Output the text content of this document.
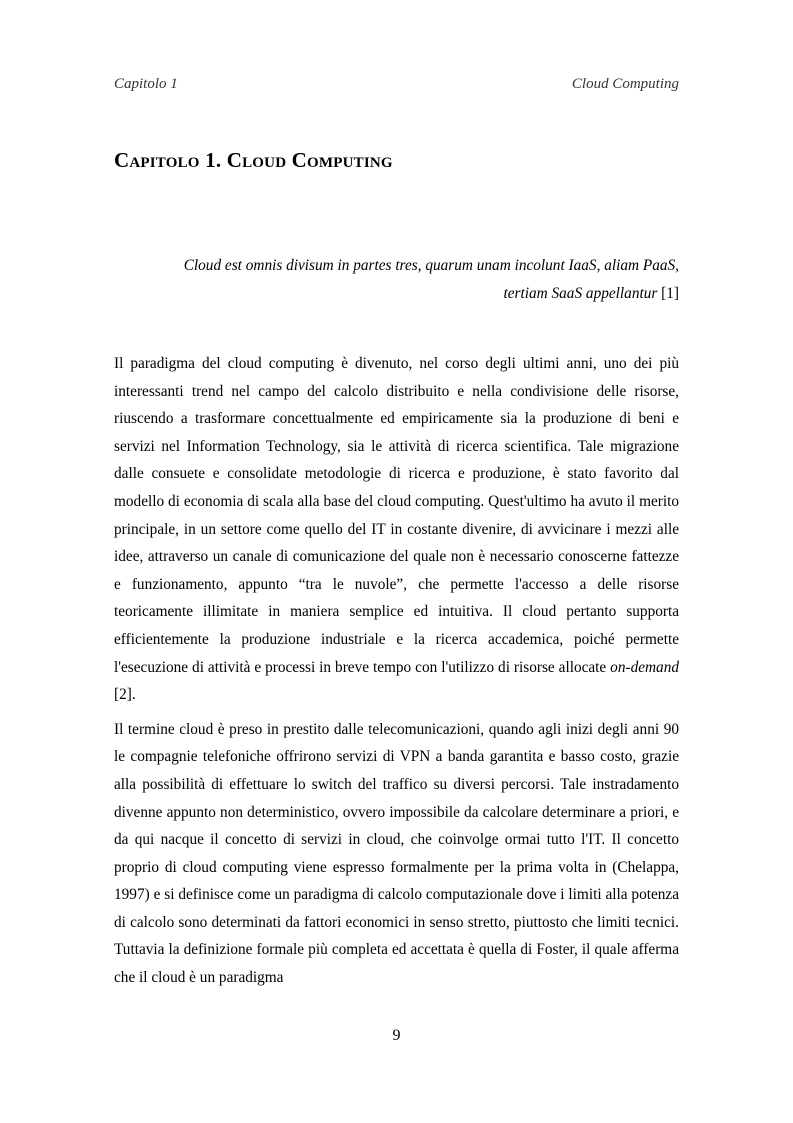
Capitolo 1	Cloud Computing
Capitolo 1. Cloud Computing
Cloud est omnis divisum in partes tres, quarum unam incolunt IaaS, aliam PaaS, tertiam SaaS appellantur [1]

Il paradigma del cloud computing è divenuto, nel corso degli ultimi anni, uno dei più interessanti trend nel campo del calcolo distribuito e nella condivisione delle risorse, riuscendo a trasformare concettualmente ed empiricamente sia la produzione di beni e servizi nel Information Technology, sia le attività di ricerca scientifica. Tale migrazione dalle consuete e consolidate metodologie di ricerca e produzione, è stato favorito dal modello di economia di scala alla base del cloud computing. Quest'ultimo ha avuto il merito principale, in un settore come quello del IT in costante divenire, di avvicinare i mezzi alle idee, attraverso un canale di comunicazione del quale non è necessario conoscerne fattezze e funzionamento, appunto “tra le nuvole”, che permette l'accesso a delle risorse teoricamente illimitate in maniera semplice ed intuitiva. Il cloud pertanto supporta efficientemente la produzione industriale e la ricerca accademica, poiché permette l'esecuzione di attività e processi in breve tempo con l'utilizzo di risorse allocate on-demand [2].

Il termine cloud è preso in prestito dalle telecomunicazioni, quando agli inizi degli anni 90 le compagnie telefoniche offrirono servizi di VPN a banda garantita e basso costo, grazie alla possibilità di effettuare lo switch del traffico su diversi percorsi. Tale instradamento divenne appunto non deterministico, ovvero impossibile da calcolare determinare a priori, e da qui nacque il concetto di servizi in cloud, che coinvolge ormai tutto l'IT. Il concetto proprio di cloud computing viene espresso formalmente per la prima volta in (Chelappa, 1997) e si definisce come un paradigma di calcolo computazionale dove i limiti alla potenza di calcolo sono determinati da fattori economici in senso stretto, piuttosto che limiti tecnici. Tuttavia la definizione formale più completa ed accettata è quella di Foster, il quale afferma che il cloud è un paradigma

9
